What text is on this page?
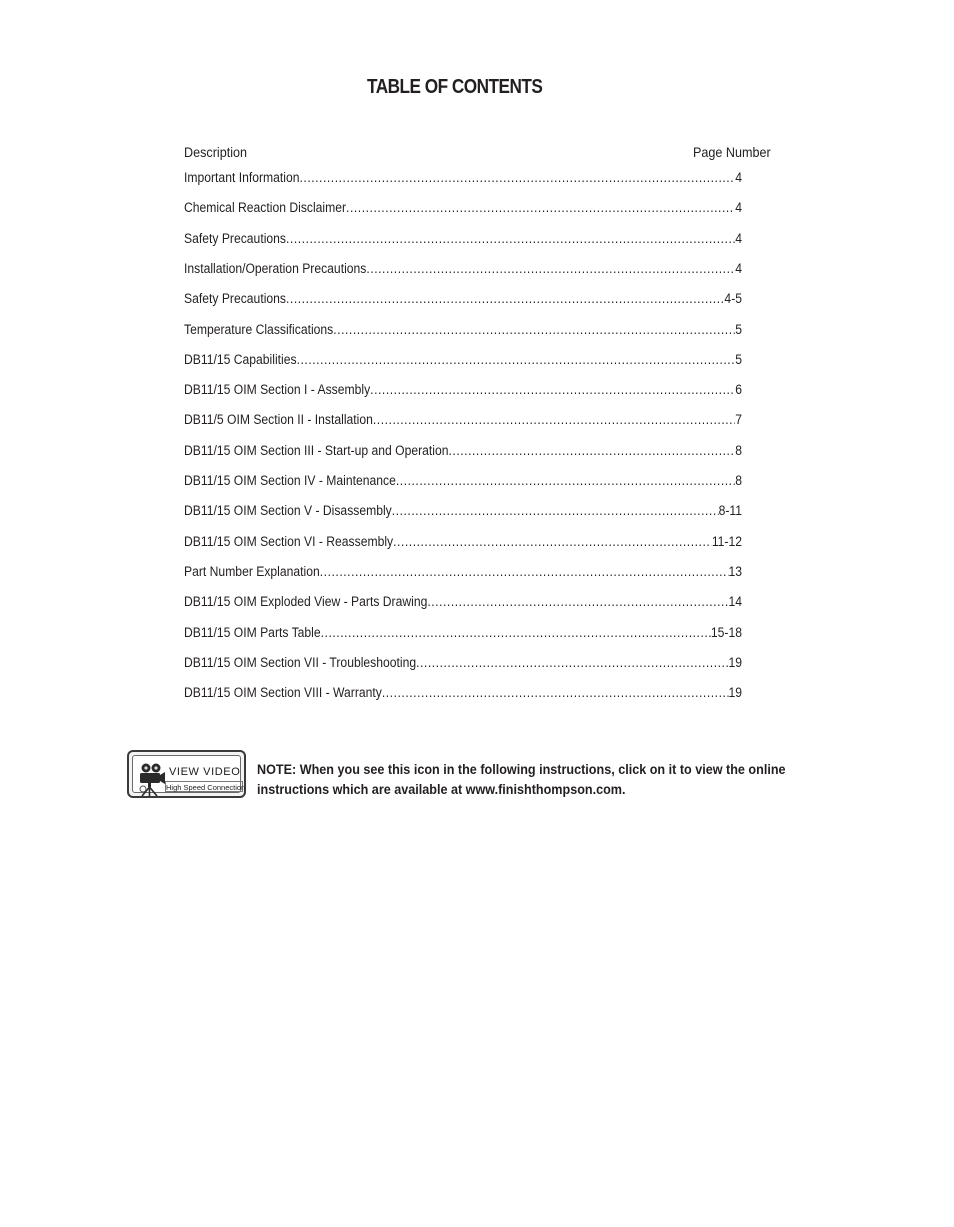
TABLE OF CONTENTS
Description	Page Number
Important Information .....	4
Chemical Reaction Disclaimer .....	4
Safety Precautions .....	4
Installation/Operation Precautions .....	4
Safety Precautions .....	4-5
Temperature Classifications .....	5
DB11/15 Capabilities .....	5
DB11/15 OIM Section I - Assembly .....	6
DB11/5 OIM Section II - Installation .....	7
DB11/15 OIM Section III - Start-up and Operation .....	8
DB11/15 OIM Section IV - Maintenance .....	8
DB11/15 OIM Section V - Disassembly .....	8-11
DB11/15 OIM Section VI - Reassembly .....	11-12
Part Number Explanation .....	13
DB11/15 OIM Exploded View - Parts Drawing .....	14
DB11/15 OIM Parts Table .....	15-18
DB11/15 OIM Section VII - Troubleshooting .....	19
DB11/15 OIM Section VIII - Warranty .....	19
VIEW VIDEO
High Speed Connection
NOTE: When you see this icon in the following instructions, click on it to view the online instructions which are available at www.finishthompson.com.
